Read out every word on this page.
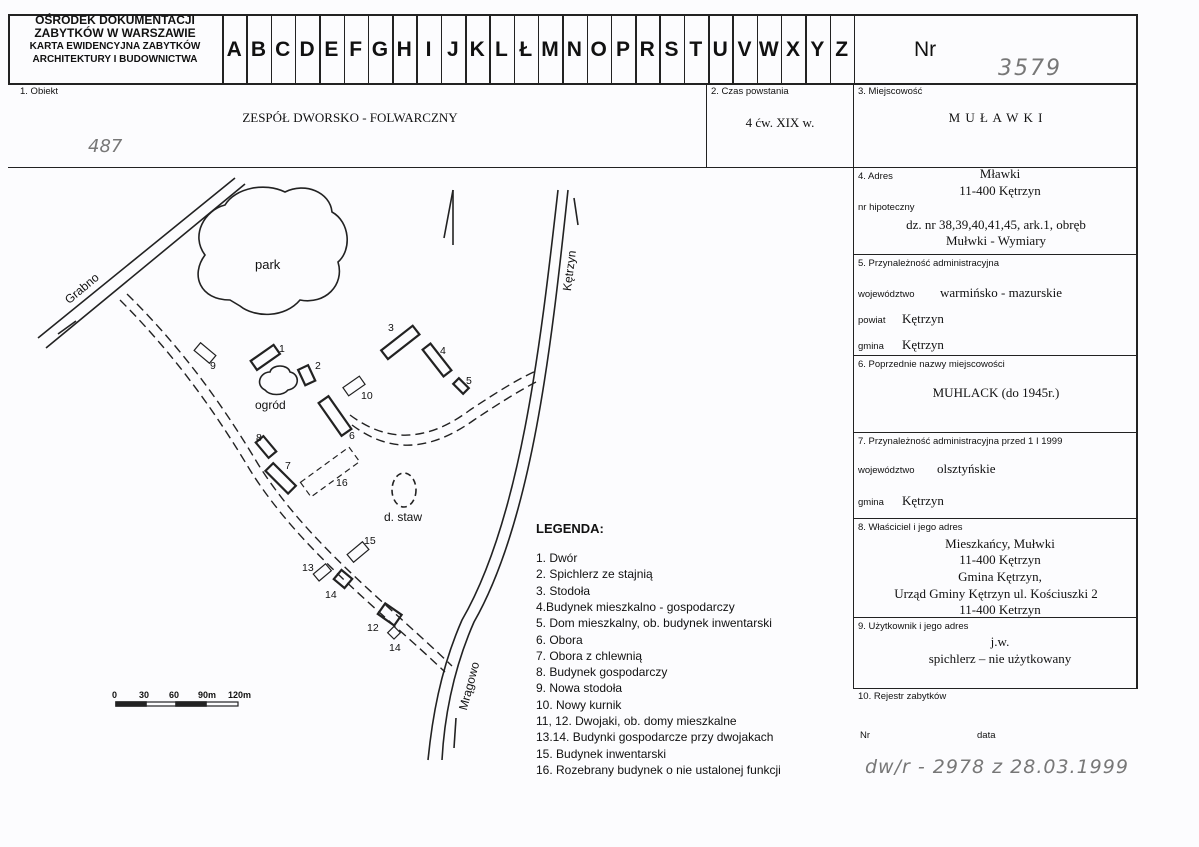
OŚRODEK DOKUMENTACJI
ZABYTKÓW W WARSZAWIE
KARTA EWIDENCYJNA ZABYTKÓW
ARCHITEKTURY I BUDOWNICTWA	A B C D E F G H I J K L Ł M N O P R S T U V W X Y Z	Nr
3579
1. Obiekt
ZESPÓŁ DWORSKO - FOLWARCZNY
487
2. Czas powstania
4 ćw. XIX w.
3. Miejscowość
M U Ł A W K I
4. Adres	Mławki
11-400 Kętrzyn
nr hipoteczny
dz. nr 38,39,40,41,45, ark.1, obręb
Mułwki - Wymiary
5. Przynależność administracyjna
województwo warmińsko - mazurskie
powiat Kętrzyn
gmina Kętrzyn
6. Poprzednie nazwy miejscowości
MUHLACK (do 1945r.)
7. Przynależność administracyjna przed 1 I 1999
województwo olsztyńskie
gmina Kętrzyn
8. Właściciel i jego adres
Mieszkańcy, Mułwki
11-400 Kętrzyn
Gmina Kętrzyn,
Urząd Gminy Kętrzyn ul. Kościuszki 2
11-400 Ketrzyn
9. Użytkownik i jego adres
j.w.
spichlerz – nie użytkowany
10. Rejestr zabytków
Nr	data
dw/r - 2978 z 28.03.1999
park
ogród
d. staw
Grabno	Kętrzyn
Mrągowo
1
2
3
4
5
6
7
8
9
10
12
13
14
14
15
16
0 30 60 90m 120m
LEGENDA:
1. Dwór
2. Spichlerz ze stajnią
3. Stodoła
4.Budynek mieszkalno - gospodarczy
5. Dom mieszkalny, ob. budynek inwentarski
6. Obora
7. Obora z chlewnią
8. Budynek gospodarczy
9. Nowa stodoła
10. Nowy kurnik
11, 12. Dwojaki, ob. domy mieszkalne
13.14. Budynki gospodarcze przy dwojakach
15. Budynek inwentarski
16. Rozebrany budynek o nie ustalonej funkcji
